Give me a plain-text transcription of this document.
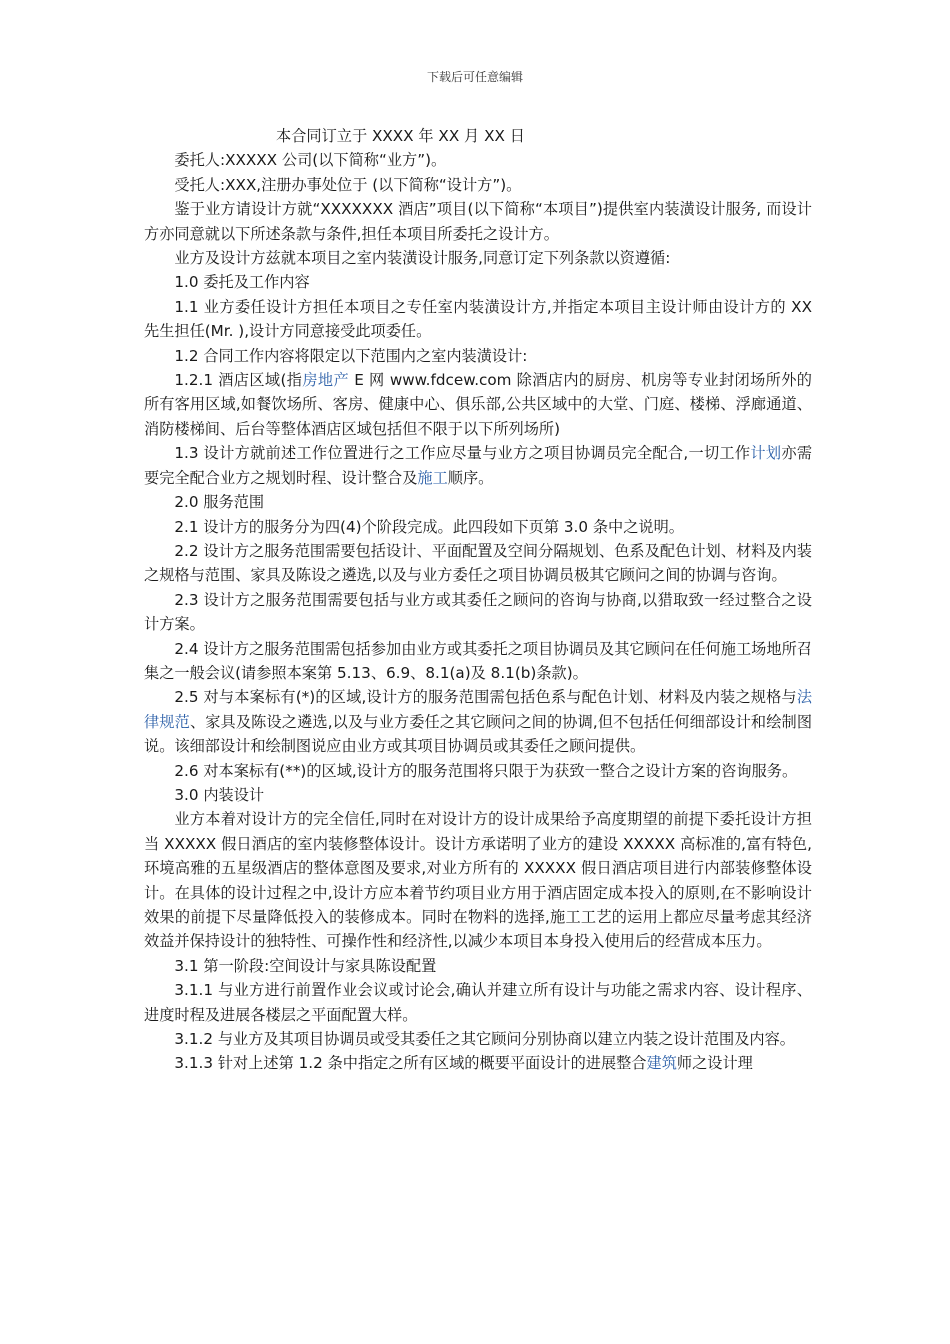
下载后可任意编辑

本合同订立于 XXXX 年 XX 月 XX 日

委托人:XXXXX 公司(以下简称“业方”)。

受托人:XXX,注册办事处位于 (以下简称“设计方”)。

鉴于业方请设计方就“XXXXXXX 酒店”项目(以下简称“本项目”)提供室内装潢设计服务, 而设计方亦同意就以下所述条款与条件,担任本项目所委托之设计方。

业方及设计方兹就本项目之室内装潢设计服务,同意订定下列条款以资遵循:

1.0 委托及工作内容

1.1 业方委任设计方担任本项目之专任室内装潢设计方,并指定本项目主设计师由设计方的 XX 先生担任(Mr. ),设计方同意接受此项委任。

1.2 合同工作内容将限定以下范围内之室内装潢设计:

1.2.1 酒店区域(指房地产 E 网 www.fdcew.com 除酒店内的厨房、机房等专业封闭场所外的所有客用区域,如餐饮场所、客房、健康中心、俱乐部,公共区域中的大堂、门庭、楼梯、浮廊通道、消防楼梯间、后台等整体酒店区域包括但不限于以下所列场所)

1.3 设计方就前述工作位置进行之工作应尽量与业方之项目协调员完全配合,一切工作计划亦需要完全配合业方之规划时程、设计整合及施工顺序。

2.0 服务范围

2.1 设计方的服务分为四(4)个阶段完成。此四段如下页第 3.0 条中之说明。

2.2 设计方之服务范围需要包括设计、平面配置及空间分隔规划、色系及配色计划、材料及内装之规格与范围、家具及陈设之遴选,以及与业方委任之项目协调员极其它顾问之间的协调与咨询。

2.3 设计方之服务范围需要包括与业方或其委任之顾问的咨询与协商,以猎取致一经过整合之设计方案。

2.4 设计方之服务范围需包括参加由业方或其委托之项目协调员及其它顾问在任何施工场地所召集之一般会议(请参照本案第 5.13、6.9、8.1(a)及 8.1(b)条款)。

2.5 对与本案标有(*)的区域,设计方的服务范围需包括色系与配色计划、材料及内装之规格与法律规范、家具及陈设之遴选,以及与业方委任之其它顾问之间的协调,但不包括任何细部设计和绘制图说。该细部设计和绘制图说应由业方或其项目协调员或其委任之顾问提供。

2.6 对本案标有(**)的区域,设计方的服务范围将只限于为获致一整合之设计方案的咨询服务。

3.0 内装设计

业方本着对设计方的完全信任,同时在对设计方的设计成果给予高度期望的前提下委托设计方担当 XXXXX 假日酒店的室内装修整体设计。设计方承诺明了业方的建设 XXXXX 高标准的,富有特色,环境高雅的五星级酒店的整体意图及要求,对业方所有的 XXXXX 假日酒店项目进行内部装修整体设计。在具体的设计过程之中,设计方应本着节约项目业方用于酒店固定成本投入的原则,在不影响设计效果的前提下尽量降低投入的装修成本。同时在物料的选择,施工工艺的运用上都应尽量考虑其经济效益并保持设计的独特性、可操作性和经济性,以减少本项目本身投入使用后的经营成本压力。

3.1 第一阶段:空间设计与家具陈设配置

3.1.1 与业方进行前置作业会议或讨论会,确认并建立所有设计与功能之需求内容、设计程序、进度时程及进展各楼层之平面配置大样。

3.1.2 与业方及其项目协调员或受其委任之其它顾问分别协商以建立内装之设计范围及内容。

3.1.3 针对上述第 1.2 条中指定之所有区域的概要平面设计的进展整合建筑师之设计理
